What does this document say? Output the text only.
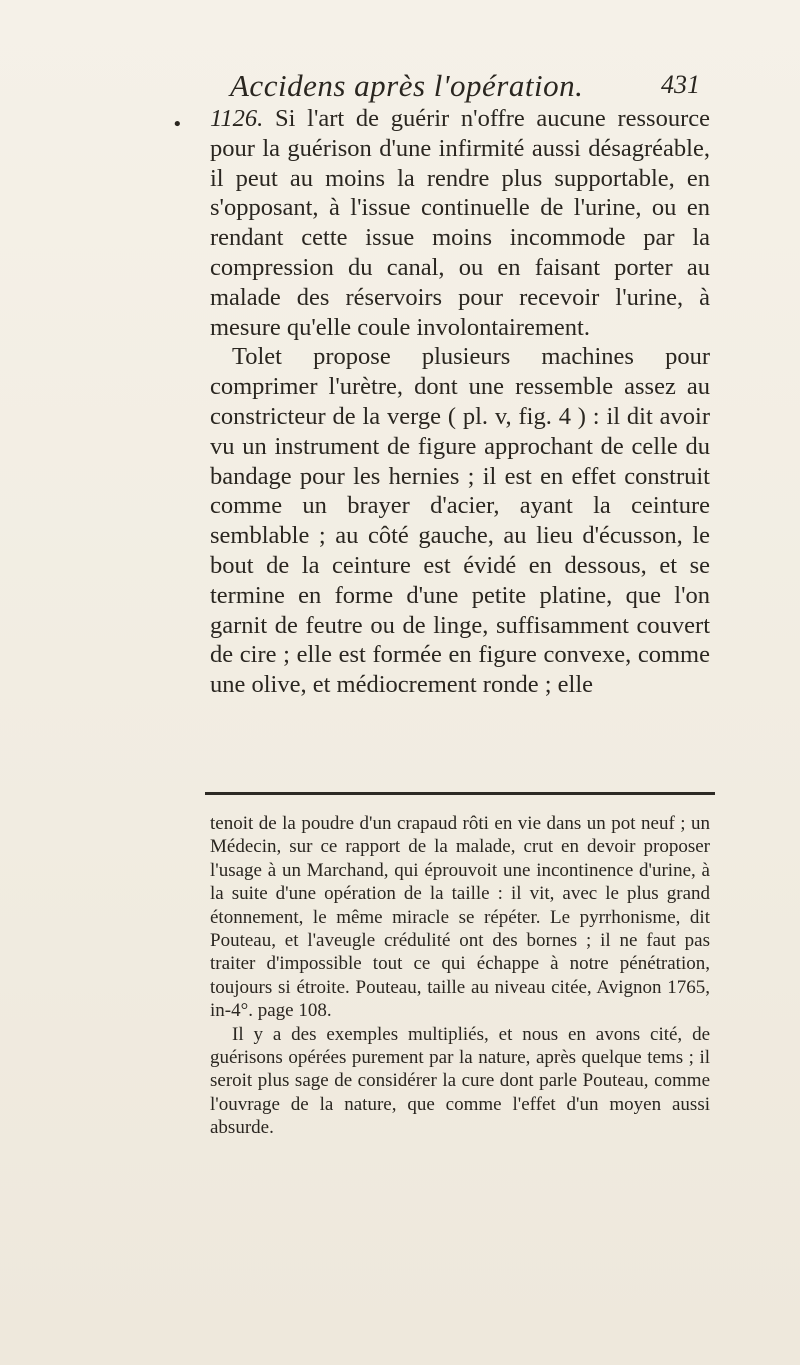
Accidens après l'opération.	431
• 1126. Si l'art de guérir n'offre aucune ressource pour la guérison d'une infirmité aussi désagréable, il peut au moins la rendre plus supportable, en s'opposant, à l'issue continuelle de l'urine, ou en rendant cette issue moins incommode par la compression du canal, ou en faisant porter au malade des réservoirs pour recevoir l'urine, à mesure qu'elle coule involontairement.

Tolet propose plusieurs machines pour comprimer l'urètre, dont une ressemble assez au constricteur de la verge ( pl. v, fig. 4 ) : il dit avoir vu un instrument de figure approchant de celle du bandage pour les hernies ; il est en effet construit comme un brayer d'acier, ayant la ceinture semblable ; au côté gauche, au lieu d'écusson, le bout de la ceinture est évidé en dessous, et se termine en forme d'une petite platine, que l'on garnit de feutre ou de linge, suffisamment couvert de cire ; elle est formée en figure convexe, comme une olive, et médiocrement ronde ; elle

tenoit de la poudre d'un crapaud rôti en vie dans un pot neuf ; un Médecin, sur ce rapport de la malade, crut en devoir proposer l'usage à un Marchand, qui éprouvoit une incontinence d'urine, à la suite d'une opération de la taille : il vit, avec le plus grand étonnement, le même miracle se répéter. Le pyrrhonisme, dit Pouteau, et l'aveugle crédulité ont des bornes ; il ne faut pas traiter d'impossible tout ce qui échappe à notre pénétration, toujours si étroite. Pouteau, taille au niveau citée, Avignon 1765, in-4°. page 108.

Il y a des exemples multipliés, et nous en avons cité, de guérisons opérées purement par la nature, après quelque tems ; il seroit plus sage de considérer la cure dont parle Pouteau, comme l'ouvrage de la nature, que comme l'effet d'un moyen aussi absurde.
